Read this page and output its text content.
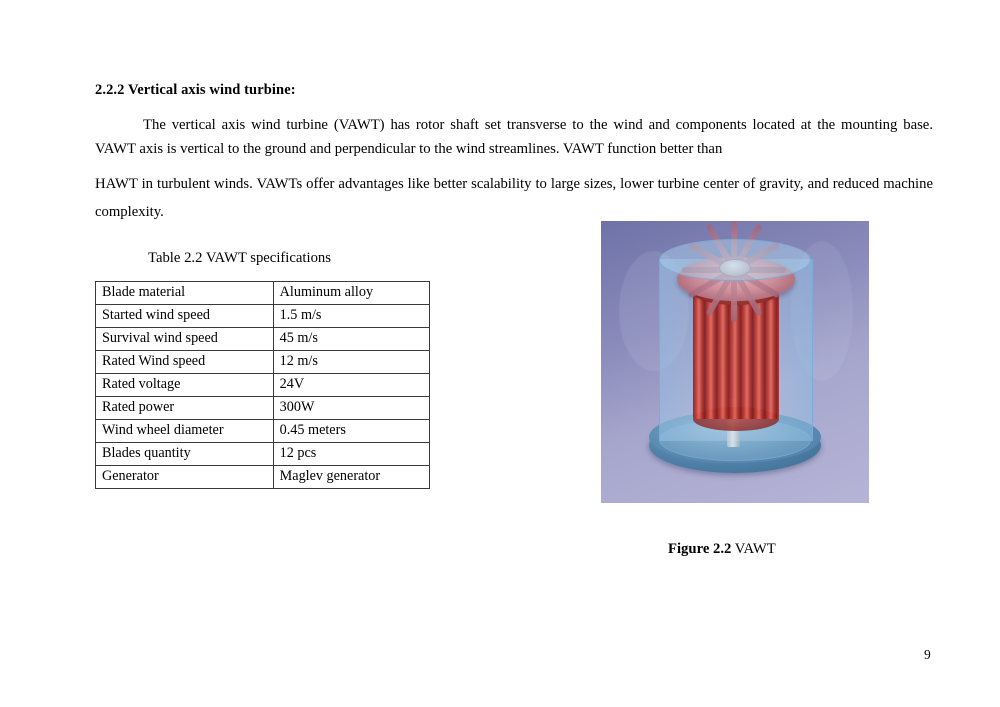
2.2.2 Vertical axis wind turbine:

The vertical axis wind turbine (VAWT) has rotor shaft set transverse to the wind and components located at the mounting base. VAWT axis is vertical to the ground and perpendicular to the wind streamlines. VAWT function better than

HAWT in turbulent winds. VAWTs offer advantages like better scalability to large sizes, lower turbine center of gravity, and reduced machine complexity.

Table 2.2 VAWT specifications
Blade material	Aluminum alloy
Started wind speed	1.5 m/s
Survival wind speed	45 m/s
Rated Wind speed	12 m/s
Rated voltage	24V
Rated power	300W
Wind wheel diameter	0.45 meters
Blades quantity	12 pcs
Generator	Maglev generator
Figure 2.2 VAWT
9
